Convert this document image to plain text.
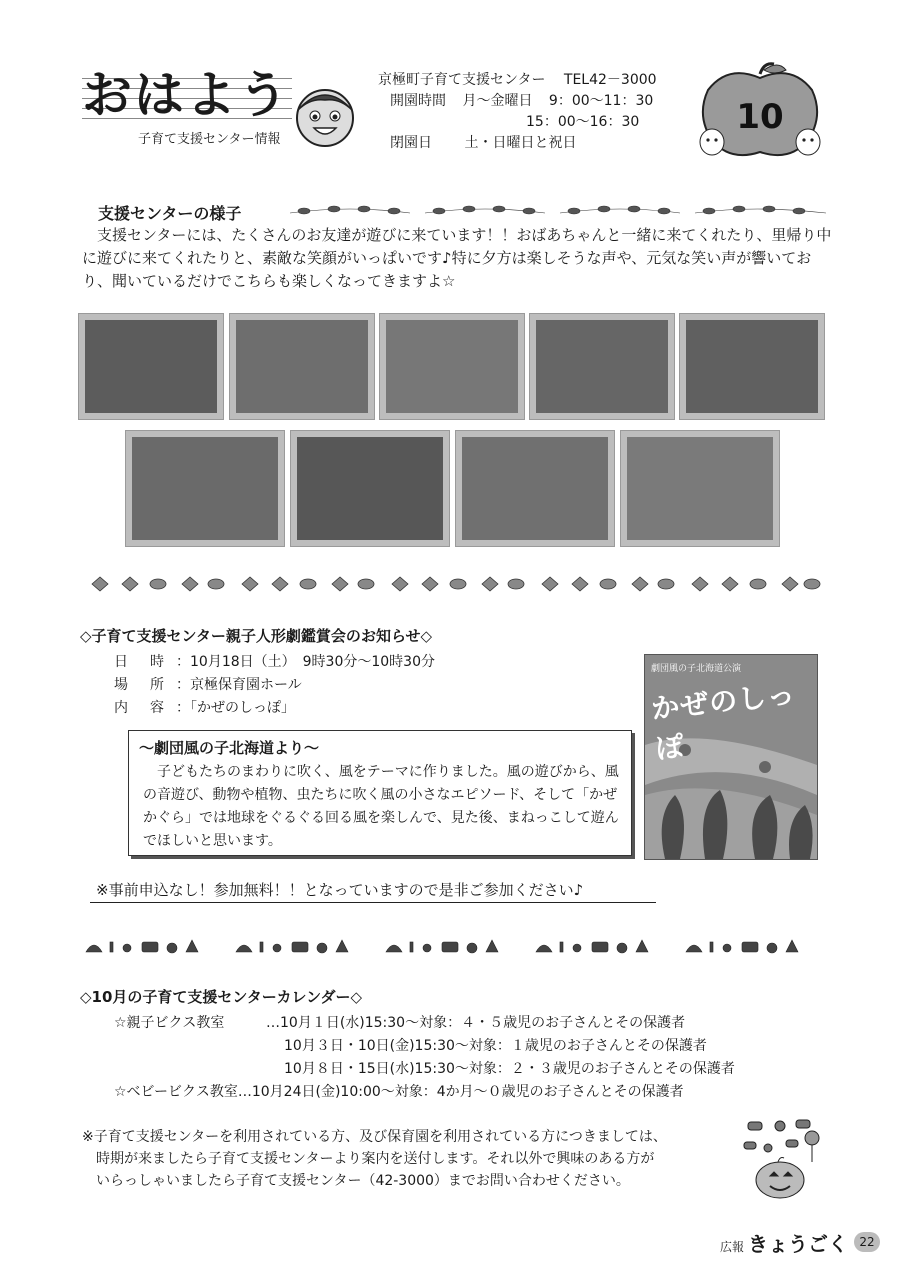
おはよう
子育て支援センター情報
京極町子育て支援センター TEL42－3000
開園時間 月～金曜日 9：00～11：30
15：00～16：30
閉園日 土・日曜日と祝日
10
支援センターの様子
支援センターには、たくさんのお友達が遊びに来ています！！おばあちゃんと一緒に来てくれたり、里帰り中に遊びに来てくれたりと、素敵な笑顔がいっぱいです♪特に夕方は楽しそうな声や、元気な笑い声が響いており、聞いているだけでこちらも楽しくなってきますよ☆
◇子育て支援センター親子人形劇鑑賞会のお知らせ◇
日　時 ：10月18日（土）　9時30分～10時30分
場　所 ：京極保育園ホール
内　容 ：「かぜのしっぽ」
～劇団風の子北海道より～
子どもたちのまわりに吹く、風をテーマに作りました。風の遊びから、風の音遊び、動物や植物、虫たちに吹く風の小さなエピソード、そして「かぜかぐら」では地球をぐるぐる回る風を楽しんで、見た後、まねっこして遊んでほしいと思います。
劇団風の子北海道公演
かぜのしっぽ
※事前申込なし！参加無料！！となっていますので是非ご参加ください♪
◇10月の子育て支援センターカレンダー◇
☆親子ビクス教室	…10月１日(水)15:30～対象：４・５歳児のお子さんとその保護者
10月３日・10日(金)15:30～対象：１歳児のお子さんとその保護者
10月８日・15日(水)15:30～対象：２・３歳児のお子さんとその保護者
☆ベビービクス教室…10月24日(金)10:00～対象：4か月～０歳児のお子さんとその保護者
※子育て支援センターを利用されている方、及び保育園を利用されている方につきましては、
時期が来ましたら子育て支援センターより案内を送付します。それ以外で興味のある方が
いらっしゃいましたら子育て支援センター（42-3000）までお問い合わせください。
広報 きょうごく 22
